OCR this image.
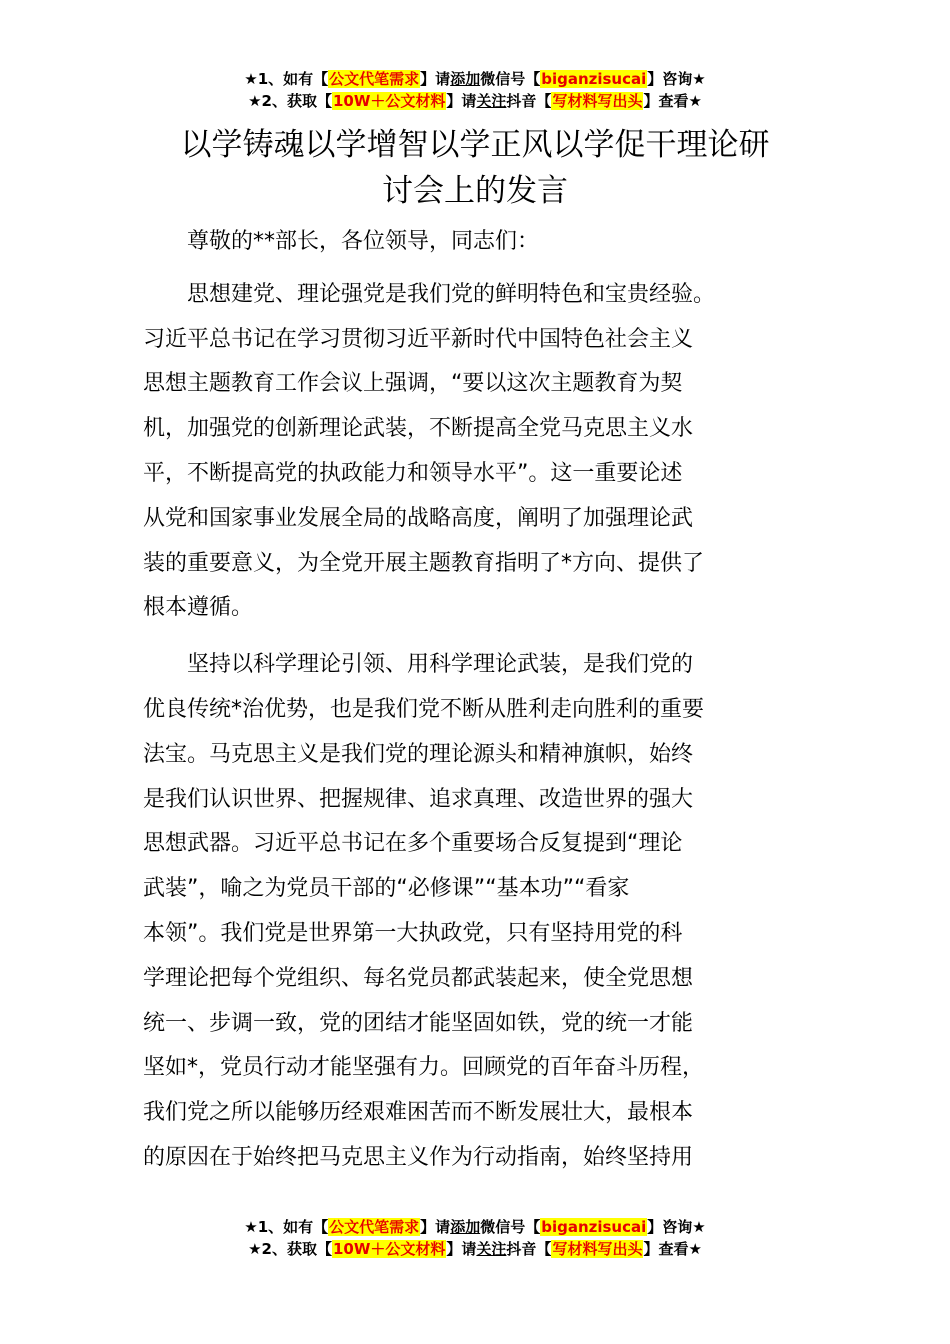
★1、如有【公文代笔需求】请添加微信号【biganzisucai】咨询★
★2、获取【10W＋公文材料】请关注抖音【写材料写出头】查看★
以学铸魂以学增智以学正风以学促干理论研
讨会上的发言

尊敬的**部长，各位领导，同志们：

思想建党、理论强党是我们党的鲜明特色和宝贵经验。
习近平总书记在学习贯彻习近平新时代中国特色社会主义
思想主题教育工作会议上强调，“要以这次主题教育为契
机，加强党的创新理论武装，不断提高全党马克思主义水
平，不断提高党的执政能力和领导水平”。这一重要论述
从党和国家事业发展全局的战略高度，阐明了加强理论武
装的重要意义，为全党开展主题教育指明了*方向、提供了
根本遵循。

坚持以科学理论引领、用科学理论武装，是我们党的
优良传统*治优势，也是我们党不断从胜利走向胜利的重要
法宝。马克思主义是我们党的理论源头和精神旗帜，始终
是我们认识世界、把握规律、追求真理、改造世界的强大
思想武器。习近平总书记在多个重要场合反复提到“理论
武装”，喻之为党员干部的“必修课”“基本功”“看家
本领”。我们党是世界第一大执政党，只有坚持用党的科
学理论把每个党组织、每名党员都武装起来，使全党思想
统一、步调一致，党的团结才能坚固如铁，党的统一才能
坚如*，党员行动才能坚强有力。回顾党的百年奋斗历程，
我们党之所以能够历经艰难困苦而不断发展壮大，最根本
的原因在于始终把马克思主义作为行动指南，始终坚持用

★1、如有【公文代笔需求】请添加微信号【biganzisucai】咨询★
★2、获取【10W＋公文材料】请关注抖音【写材料写出头】查看★
